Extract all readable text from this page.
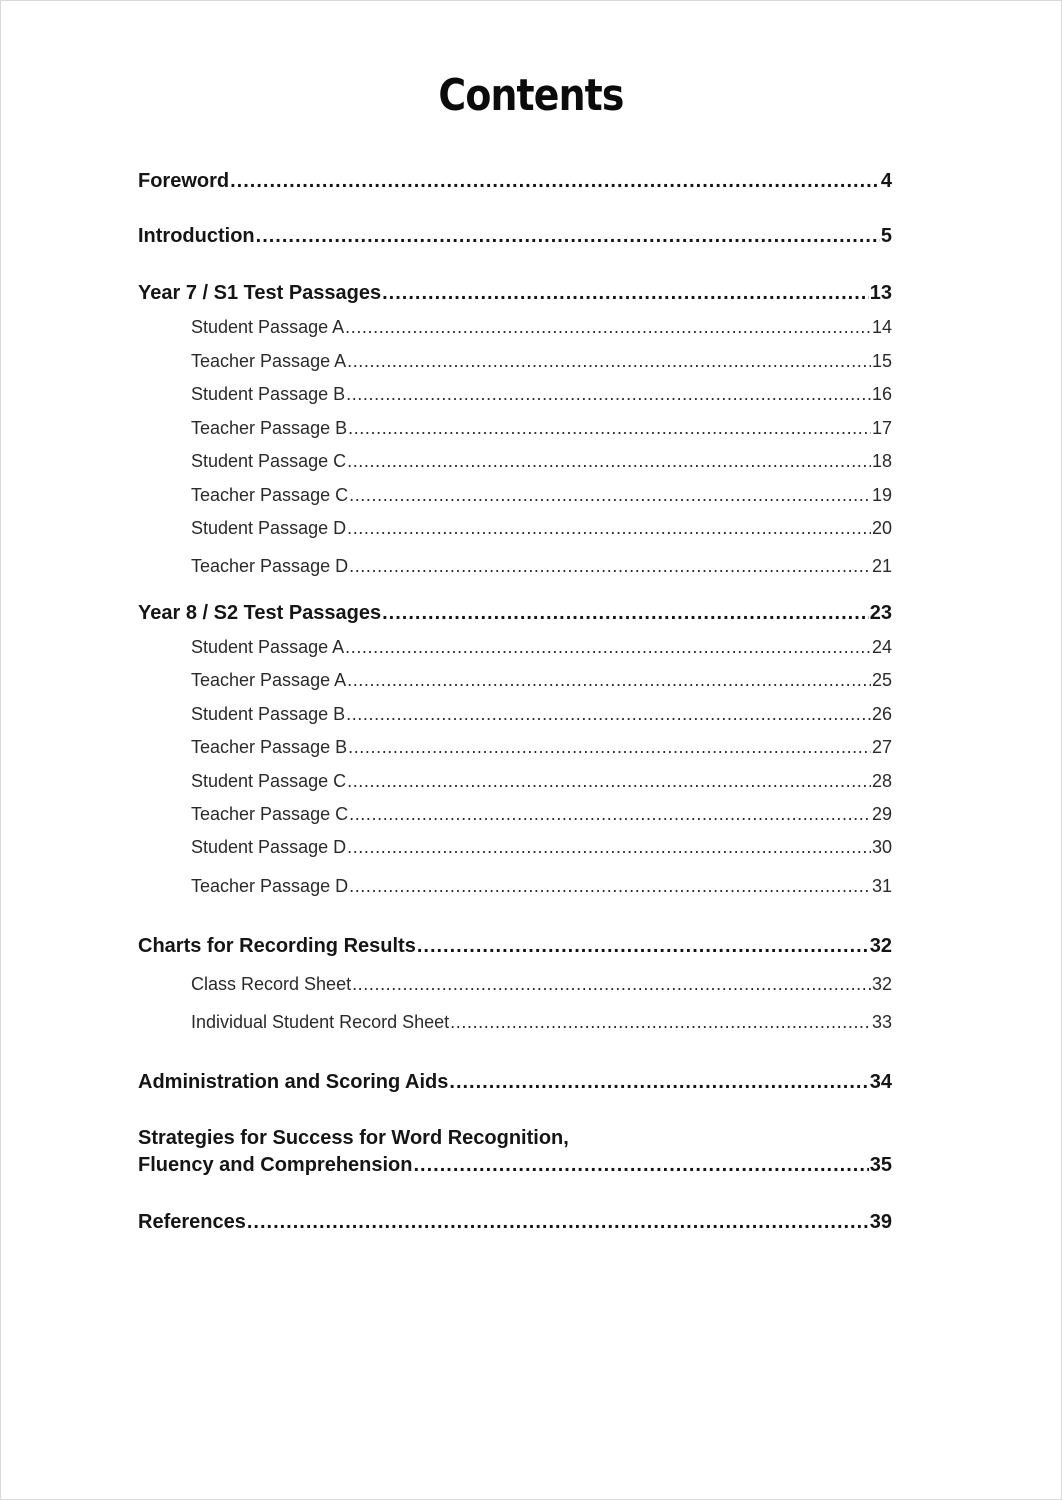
Contents
Foreword .....	4
Introduction .....	5
Year 7 / S1 Test Passages .....	13
Student Passage A .....	14
Teacher Passage A .....	15
Student Passage B .....	16
Teacher Passage B .....	17
Student Passage C .....	18
Teacher Passage C .....	19
Student Passage D .....	20
Teacher Passage D .....	21
Year 8 / S2 Test Passages .....	23
Student Passage A .....	24
Teacher Passage A .....	25
Student Passage B .....	26
Teacher Passage B .....	27
Student Passage C .....	28
Teacher Passage C .....	29
Student Passage D .....	30
Teacher Passage D .....	31
Charts for Recording Results .....	32
Class Record Sheet .....	32
Individual Student Record Sheet .....	33
Administration and Scoring Aids .....	34
Strategies for Success for Word Recognition,
Fluency and Comprehension .....	35
References .....	39
